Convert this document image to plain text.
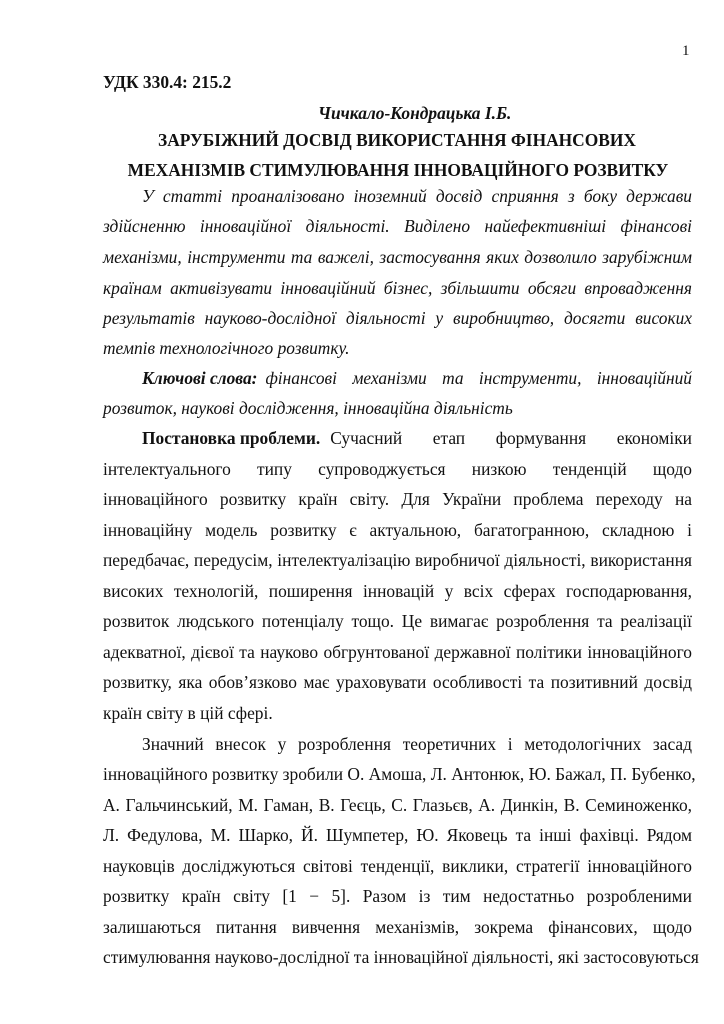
1
УДК 330.4: 215.2
Чичкало-Кондрацька І.Б.
ЗАРУБІЖНИЙ ДОСВІД ВИКОРИСТАННЯ ФІНАНСОВИХ
МЕХАНІЗМІВ СТИМУЛЮВАННЯ ІННОВАЦІЙНОГО РОЗВИТКУ
У статті проаналізовано іноземний досвід сприяння з боку держави
здійсненню інноваційної діяльності. Виділено найефективніші фінансові
механізми, інструменти та важелі, застосування яких дозволило зарубіжним
країнам активізувати інноваційний бізнес, збільшити обсяги впровадження
результатів науково-дослідної діяльності у виробництво, досягти високих
темпів технологічного розвитку.
Ключові слова: фінансові механізми та інструменти, інноваційний
розвиток, наукові дослідження, інноваційна діяльність
Постановка проблеми. Сучасний етап формування економіки
інтелектуального типу супроводжується низкою тенденцій щодо
інноваційного розвитку країн світу. Для України проблема переходу на
інноваційну модель розвитку є актуальною, багатогранною, складною і
передбачає, передусім, інтелектуалізацію виробничої діяльності, використання
високих технологій, поширення інновацій у всіх сферах господарювання,
розвиток людського потенціалу тощо. Це вимагає розроблення та реалізації
адекватної, дієвої та науково обгрунтованої державної політики інноваційного
розвитку, яка обов’язково має ураховувати особливості та позитивний досвід
країн світу в цій сфері.
Значний внесок у розроблення теоретичних і методологічних засад
інноваційного розвитку зробили О. Амоша, Л. Антонюк, Ю. Бажал, П. Бубенко,
А. Гальчинський, М. Гаман, В. Геєць, С. Глазьєв, А. Динкін, В. Семиноженко,
Л. Федулова, М. Шарко, Й. Шумпетер, Ю. Яковець та інші фахівці. Рядом
науковців досліджуються світові тенденції, виклики, стратегії інноваційного
розвитку країн світу [1 − 5]. Разом із тим недостатньо розробленими
залишаються питання вивчення механізмів, зокрема фінансових, щодо
стимулювання науково-дослідної та інноваційної діяльності, які застосовуються
